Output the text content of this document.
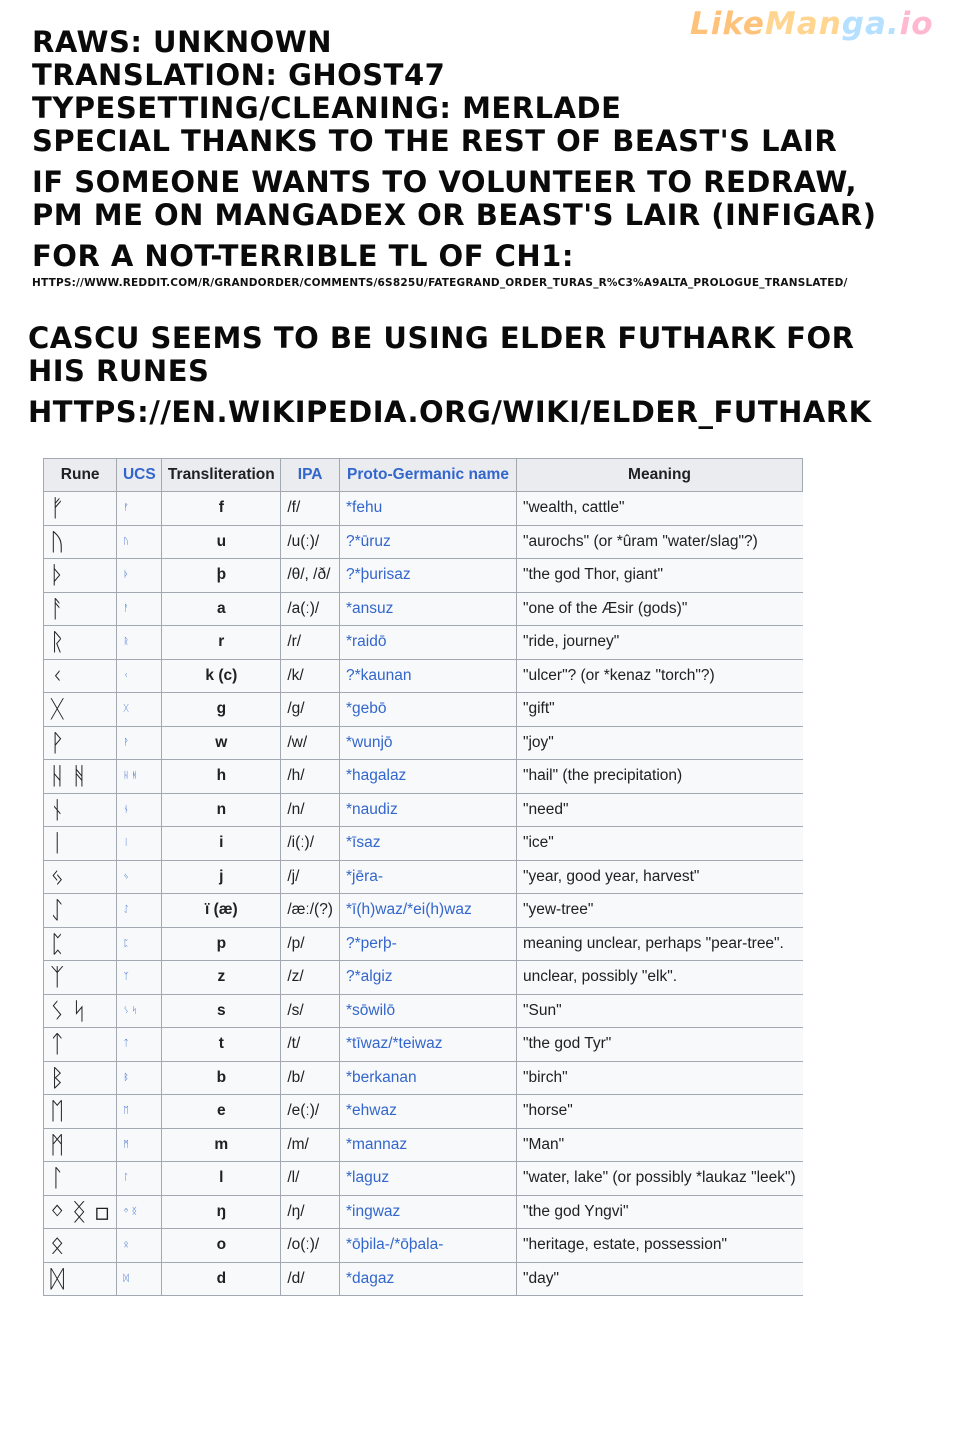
LikeManga.io
RAWS: UNKNOWN
TRANSLATION: GHOST47
TYPESETTING/CLEANING: MERLADE
SPECIAL THANKS TO THE REST OF BEAST'S LAIR
IF SOMEONE WANTS TO VOLUNTEER TO REDRAW,
PM ME ON MANGADEX OR BEAST'S LAIR (INFIGAR)
FOR A NOT-TERRIBLE TL OF CH1:
HTTPS://WWW.REDDIT.COM/R/GRANDORDER/COMMENTS/6S825U/FATEGRAND_ORDER_TURAS_R%C3%A9ALTA_PROLOGUE_TRANSLATED/
CASCU SEEMS TO BE USING ELDER FUTHARK FOR
HIS RUNES
HTTPS://EN.WIKIPEDIA.ORG/WIKI/ELDER_FUTHARK
Rune	UCS	Transliteration	IPA	Proto-Germanic name	Meaning
ᚠ	ᚠ	f	/f/	*fehu	"wealth, cattle"
ᚢ	ᚢ	u	/u(ː)/	?*ūruz	"aurochs" (or *ûram "water/slag"?)
ᚦ	ᚦ	þ	/θ/, /ð/	?*þurisaz	"the god Thor, giant"
ᚨ	ᚨ	a	/a(ː)/	*ansuz	"one of the Æsir (gods)"
ᚱ	ᚱ	r	/r/	*raidō	"ride, journey"
ᚲ	ᚲ	k (c)	/k/	?*kaunan	"ulcer"? (or *kenaz "torch"?)
ᚷ	ᚷ	g	/g/	*gebō	"gift"
ᚹ	ᚹ	w	/w/	*wunjō	"joy"
ᚺ ᚻ	ᚺ ᚻ	h	/h/	*hagalaz	"hail" (the precipitation)
ᚾ	ᚾ	n	/n/	*naudiz	"need"
ᛁ	ᛁ	i	/i(ː)/	*īsaz	"ice"
ᛃ	ᛃ	j	/j/	*jēra-	"year, good year, harvest"
ᛇ	ᛇ	ï (æ)	/æː/(?)	*ī(h)waz/*ei(h)waz	"yew-tree"
ᛈ	ᛈ	p	/p/	?*perþ-	meaning unclear, perhaps "pear-tree".
ᛉ	ᛉ	z	/z/	?*algiz	unclear, possibly "elk".
ᛊ ᛋ	ᛊ ᛋ	s	/s/	*sōwilō	"Sun"
ᛏ	ᛏ	t	/t/	*tīwaz/*teiwaz	"the god Tyr"
ᛒ	ᛒ	b	/b/	*berkanan	"birch"
ᛖ	ᛖ	e	/e(ː)/	*ehwaz	"horse"
ᛗ	ᛗ	m	/m/	*mannaz	"Man"
ᛚ	ᛚ	l	/l/	*laguz	"water, lake" (or possibly *laukaz "leek")
ᛜ ᛝ ▫	ᛜ ᛝ	ŋ	/ŋ/	*ingwaz	"the god Yngvi"
ᛟ	ᛟ	o	/o(ː)/	*ōþila-/*ōþala-	"heritage, estate, possession"
ᛞ	ᛞ	d	/d/	*dagaz	"day"
